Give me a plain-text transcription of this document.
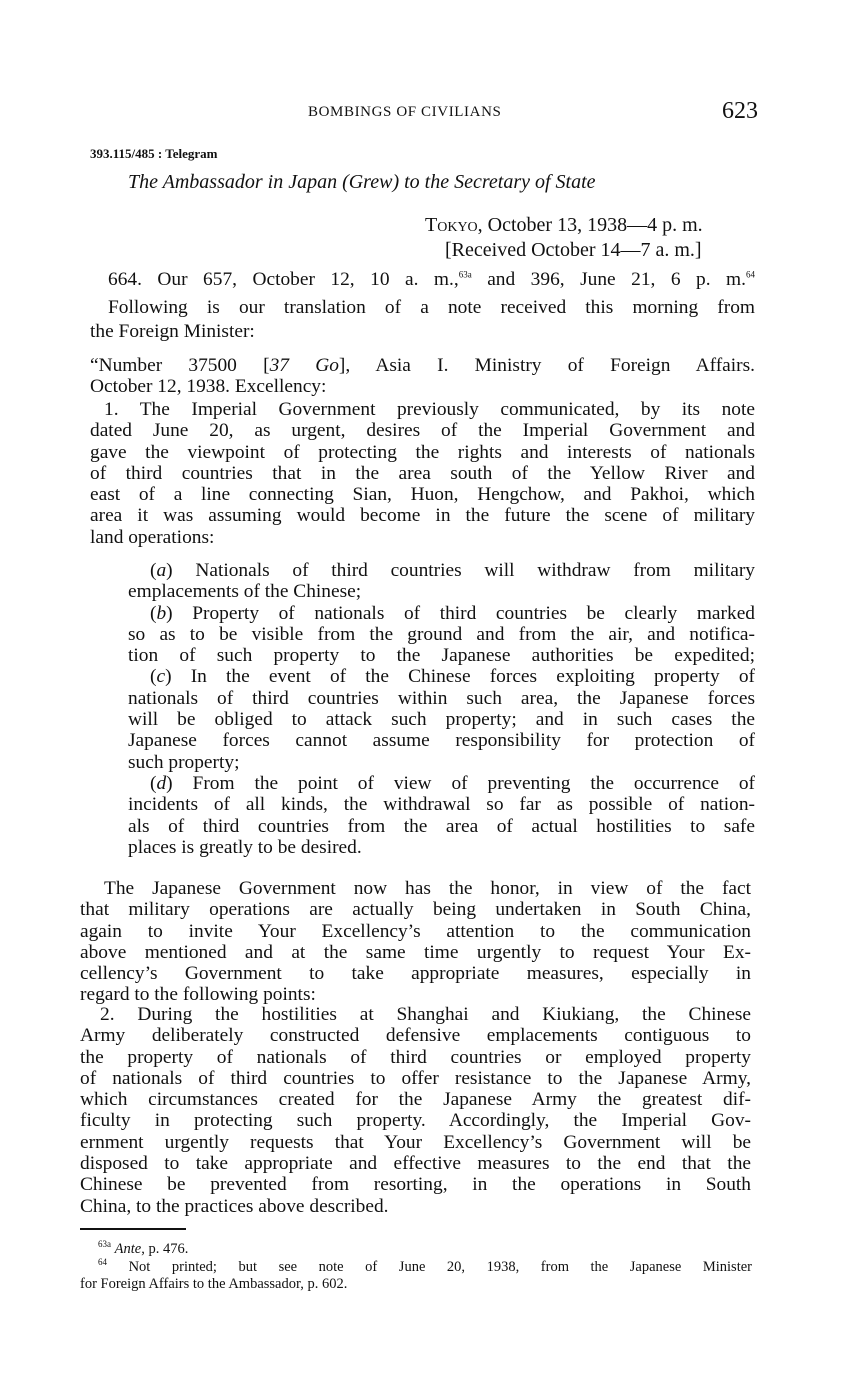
BOMBINGS OF CIVILIANS	623
393.115/485 : Telegram
The Ambassador in Japan (Grew) to the Secretary of State
Tokyo, October 13, 1938—4 p. m.
[Received October 14—7 a. m.]
664. Our 657, October 12, 10 a. m.,$^{63a}$ and 396, June 21, 6 p. m.$^{64}$
Following is our translation of a note received this morning from
the Foreign Minister:
“Number 37500 [37 Go], Asia I. Ministry of Foreign Affairs.
October 12, 1938. Excellency:
1. The Imperial Government previously communicated, by its note
dated June 20, as urgent, desires of the Imperial Government and
gave the viewpoint of protecting the rights and interests of nationals
of third countries that in the area south of the Yellow River and
east of a line connecting Sian, Huon, Hengchow, and Pakhoi, which
area it was assuming would become in the future the scene of military
land operations:
(a) Nationals of third countries will withdraw from military
emplacements of the Chinese;
(b) Property of nationals of third countries be clearly marked
so as to be visible from the ground and from the air, and notifica-
tion of such property to the Japanese authorities be expedited;
(c) In the event of the Chinese forces exploiting property of
nationals of third countries within such area, the Japanese forces
will be obliged to attack such property; and in such cases the
Japanese forces cannot assume responsibility for protection of
such property;
(d) From the point of view of preventing the occurrence of
incidents of all kinds, the withdrawal so far as possible of nation-
als of third countries from the area of actual hostilities to safe
places is greatly to be desired.
The Japanese Government now has the honor, in view of the fact
that military operations are actually being undertaken in South China,
again to invite Your Excellency’s attention to the communication
above mentioned and at the same time urgently to request Your Ex-
cellency’s Government to take appropriate measures, especially in
regard to the following points:
2. During the hostilities at Shanghai and Kiukiang, the Chinese
Army deliberately constructed defensive emplacements contiguous to
the property of nationals of third countries or employed property
of nationals of third countries to offer resistance to the Japanese Army,
which circumstances created for the Japanese Army the greatest dif-
ficulty in protecting such property. Accordingly, the Imperial Gov-
ernment urgently requests that Your Excellency’s Government will be
disposed to take appropriate and effective measures to the end that the
Chinese be prevented from resorting, in the operations in South
China, to the practices above described.
$^{63a}$ Ante, p. 476.
$^{64}$ Not printed; but see note of June 20, 1938, from the Japanese Minister
for Foreign Affairs to the Ambassador, p. 602.
